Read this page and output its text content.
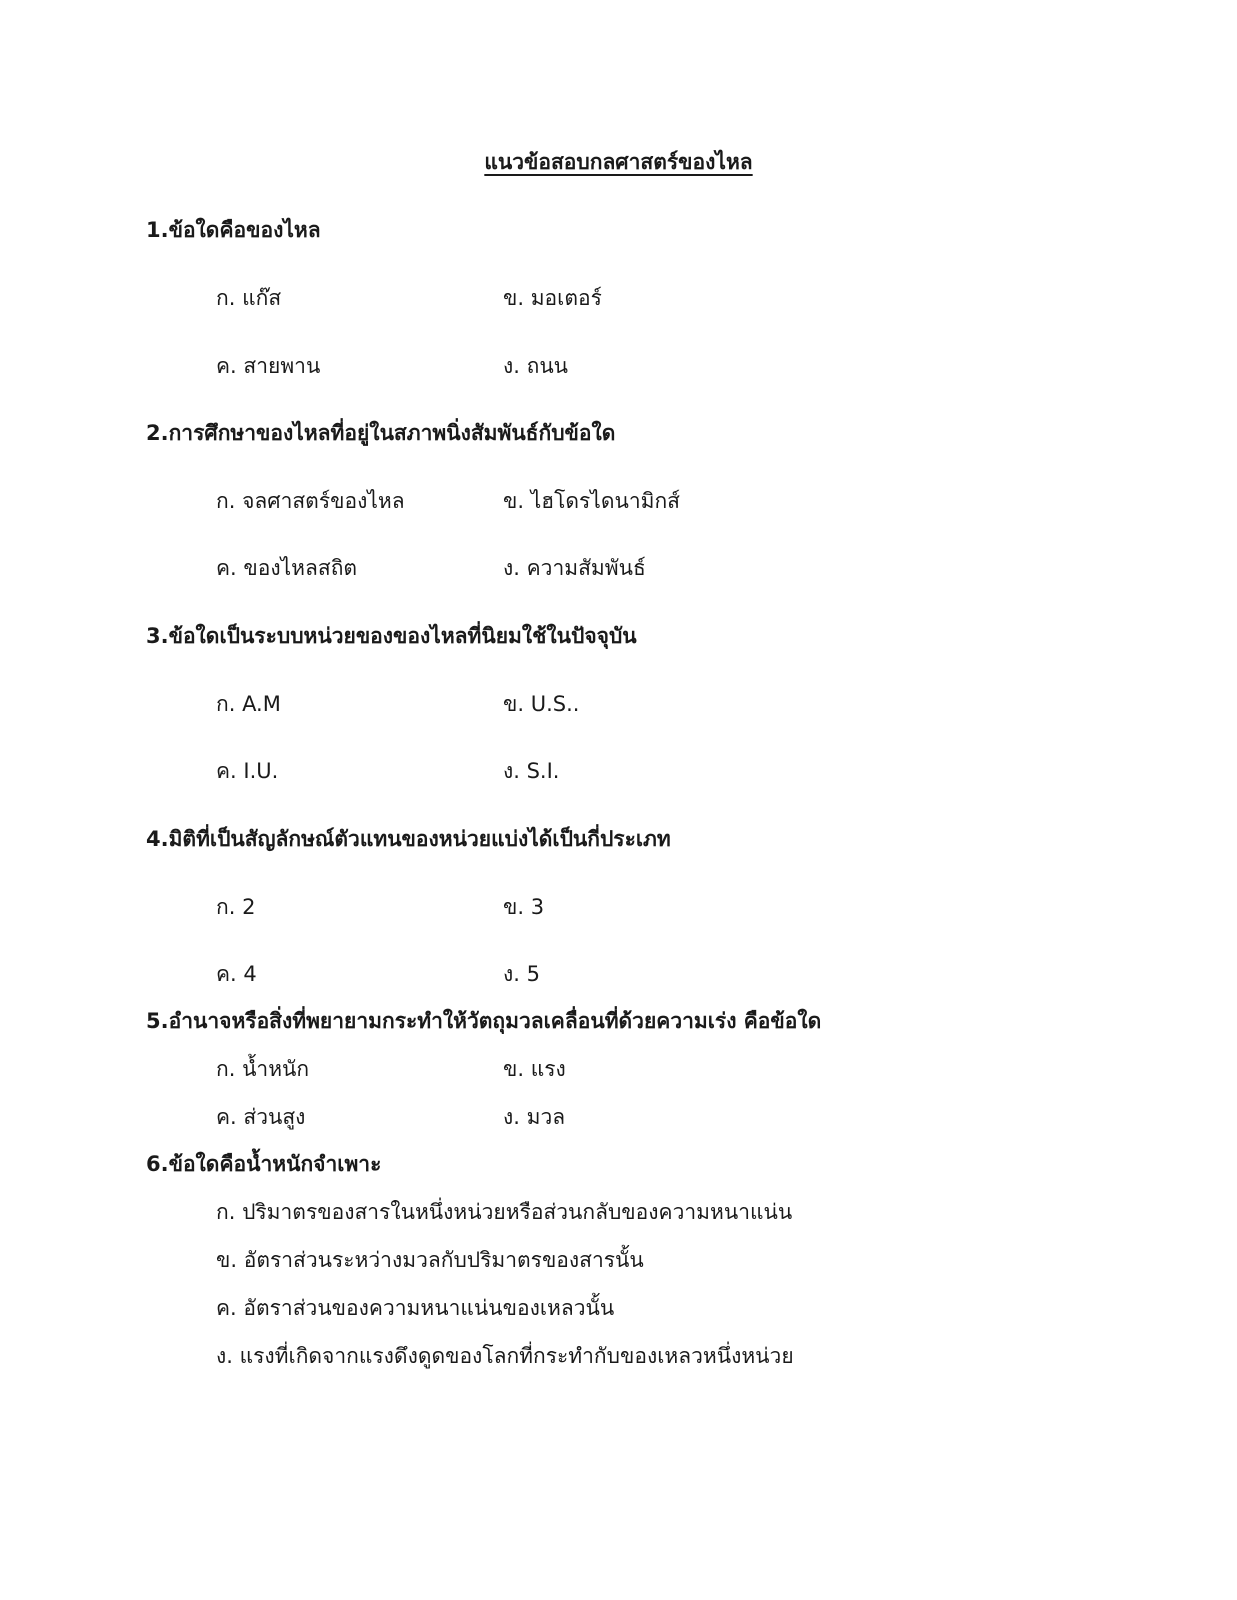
แนวข้อสอบกลศาสตร์ของไหล
1.ข้อใดคือของไหล
ก. แก๊ส	ข. มอเตอร์
ค. สายพาน	ง. ถนน
2.การศึกษาของไหลที่อยู่ในสภาพนิ่งสัมพันธ์กับข้อใด
ก. จลศาสตร์ของไหล	ข. ไฮโดรไดนามิกส์
ค. ของไหลสถิต	ง. ความสัมพันธ์
3.ข้อใดเป็นระบบหน่วยของของไหลที่นิยมใช้ในปัจจุบัน
ก. A.M	ข. U.S..
ค. I.U.	ง. S.I.
4.มิติที่เป็นสัญลักษณ์ตัวแทนของหน่วยแบ่งได้เป็นกี่ประเภท
ก. 2	ข. 3
ค. 4	ง. 5
5.อำนาจหรือสิ่งที่พยายามกระทำให้วัตถุมวลเคลื่อนที่ด้วยความเร่ง คือข้อใด
ก. น้ำหนัก	ข. แรง
ค. ส่วนสูง	ง. มวล
6.ข้อใดคือน้ำหนักจำเพาะ
ก. ปริมาตรของสารในหนึ่งหน่วยหรือส่วนกลับของความหนาแน่น
ข. อัตราส่วนระหว่างมวลกับปริมาตรของสารนั้น
ค. อัตราส่วนของความหนาแน่นของเหลวนั้น
ง. แรงที่เกิดจากแรงดึงดูดของโลกที่กระทำกับของเหลวหนึ่งหน่วย
